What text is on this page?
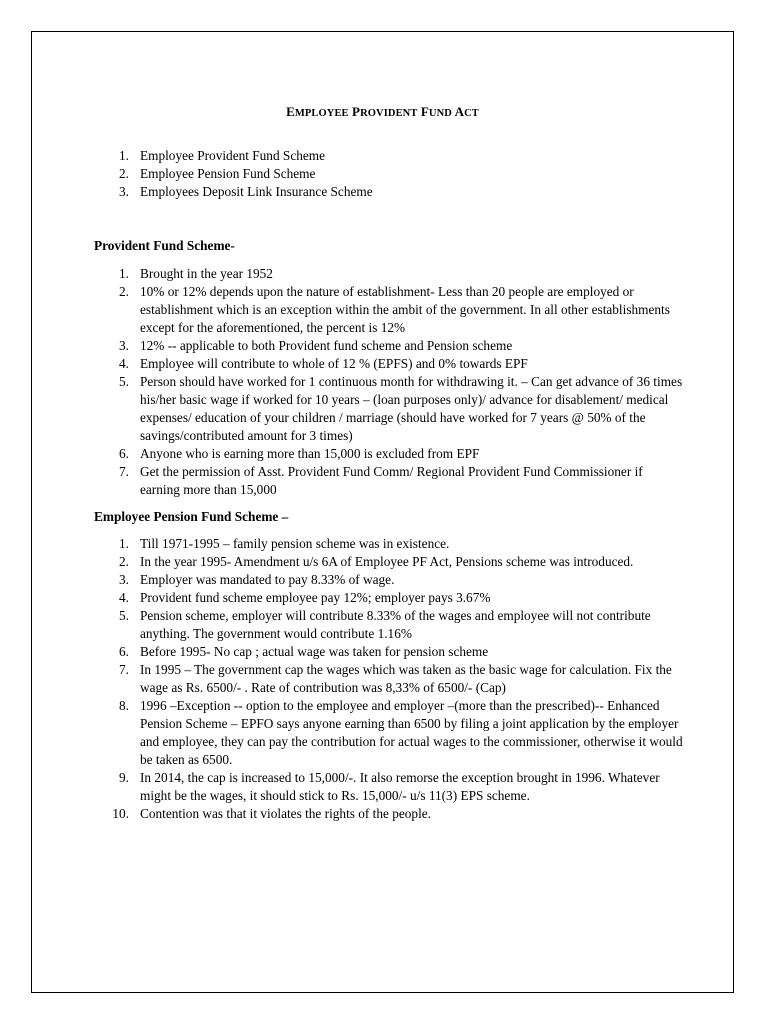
EMPLOYEE PROVIDENT FUND ACT
1. Employee Provident Fund Scheme
2. Employee Pension Fund Scheme
3. Employees Deposit Link Insurance Scheme

Provident Fund Scheme-

1. Brought in the year 1952
2. 10% or 12% depends upon the nature of establishment- Less than 20 people are employed or establishment which is an exception within the ambit of the government. In all other establishments except for the aforementioned, the percent is 12%
3. 12% -- applicable to both Provident fund scheme and Pension scheme
4. Employee will contribute to whole of 12 % (EPFS) and 0% towards EPF
5. Person should have worked for 1 continuous month for withdrawing it. – Can get advance of 36 times his/her basic wage if worked for 10 years – (loan purposes only)/ advance for disablement/ medical expenses/ education of your children / marriage (should have worked for 7 years @ 50% of the savings/contributed amount for 3 times)
6. Anyone who is earning more than 15,000 is excluded from EPF
7. Get the permission of Asst. Provident Fund Comm/ Regional Provident Fund Commissioner if earning more than 15,000

Employee Pension Fund Scheme –

1. Till 1971-1995 – family pension scheme was in existence.
2. In the year 1995- Amendment u/s 6A of Employee PF Act, Pensions scheme was introduced.
3. Employer was mandated to pay 8.33% of wage.
4. Provident fund scheme employee pay 12%; employer pays 3.67%
5. Pension scheme, employer will contribute 8.33% of the wages and employee will not contribute anything. The government would contribute 1.16%
6. Before 1995- No cap ; actual wage was taken for pension scheme
7. In 1995 – The government cap the wages which was taken as the basic wage for calculation. Fix the wage as Rs. 6500/- . Rate of contribution was 8,33% of 6500/- (Cap)
8. 1996 –Exception -- option to the employee and employer –(more than the prescribed)-- Enhanced Pension Scheme – EPFO says anyone earning than 6500 by filing a joint application by the employer and employee, they can pay the contribution for actual wages to the commissioner, otherwise it would be taken as 6500.
9. In 2014, the cap is increased to 15,000/-. It also remorse the exception brought in 1996. Whatever might be the wages, it should stick to Rs. 15,000/- u/s 11(3) EPS scheme.
10. Contention was that it violates the rights of the people.
